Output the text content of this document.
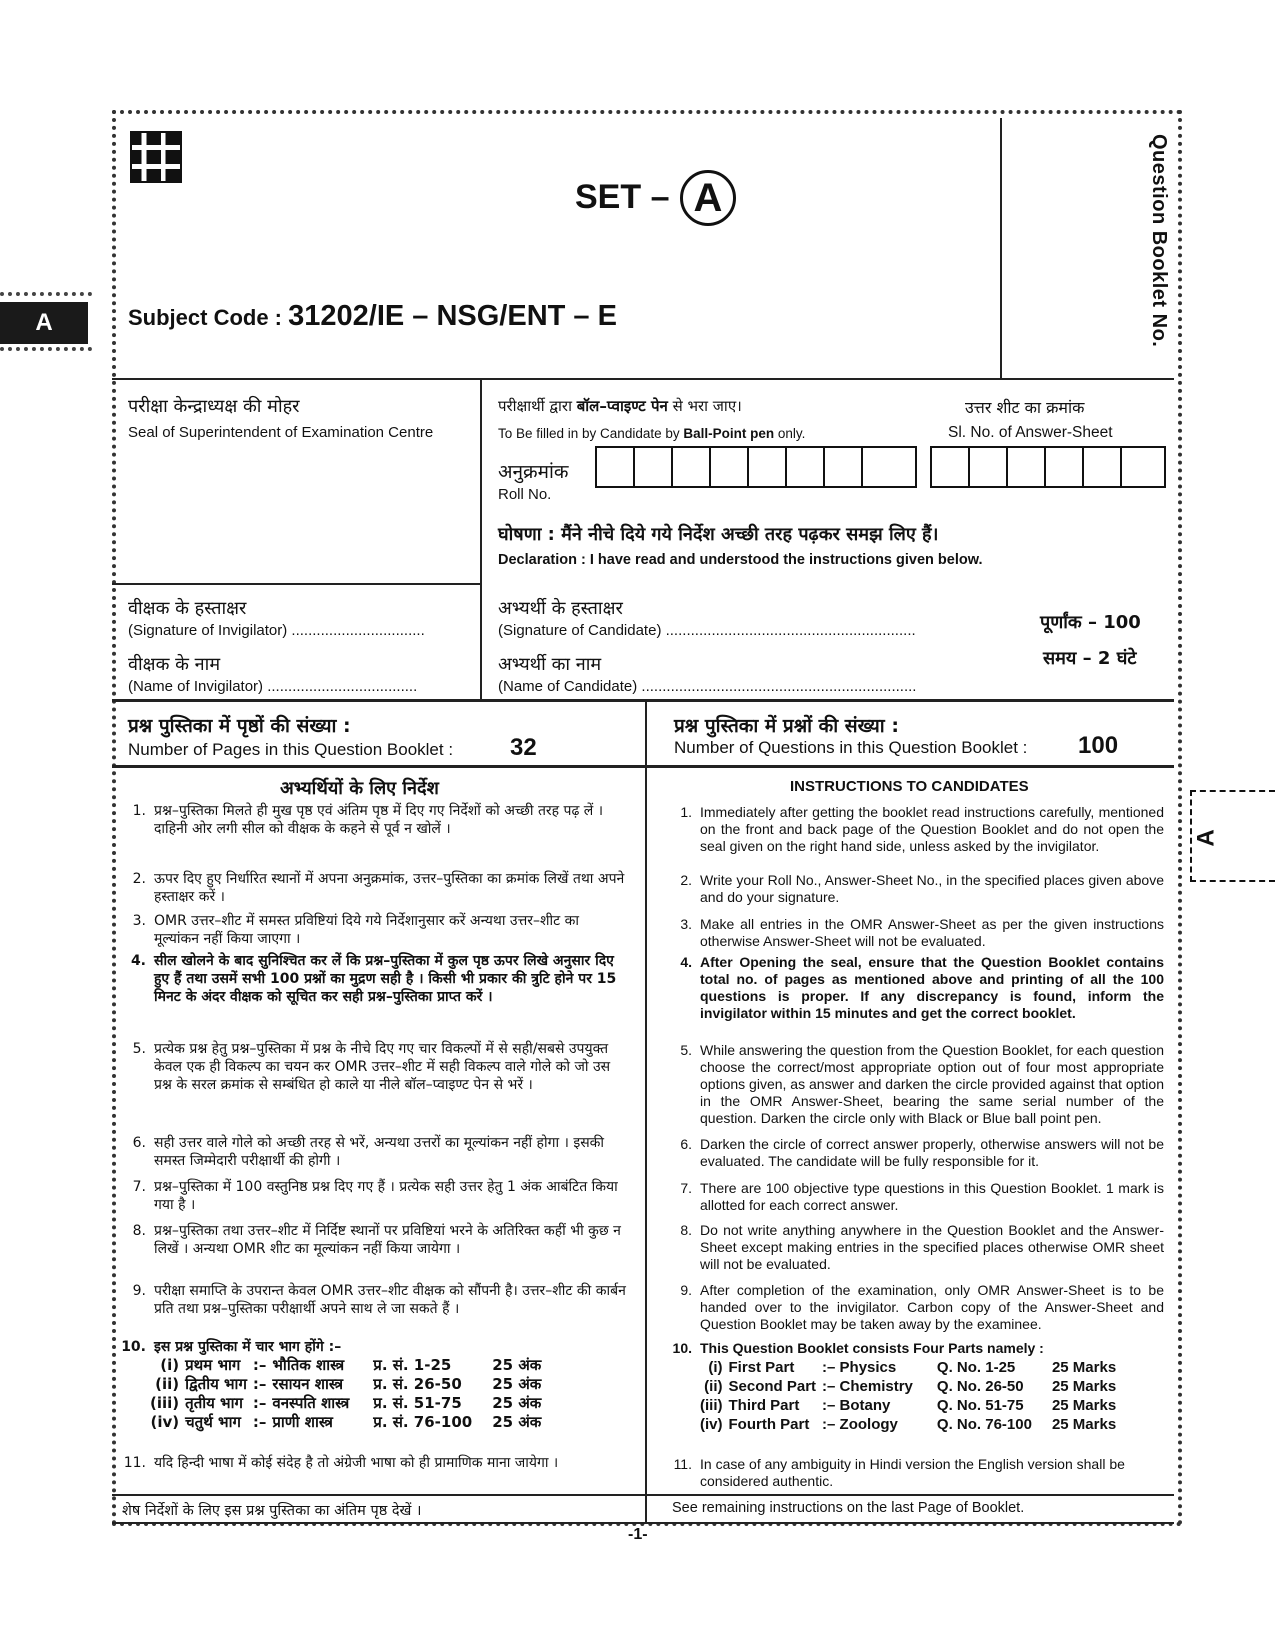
A
A
SET – A
Subject Code : 31202/IE – NSG/ENT – E	Question Booklet No.
परीक्षा केन्द्राध्यक्ष की मोहर
Seal of Superintendent of Examination Centre
परीक्षार्थी द्वारा बॉल–प्वाइण्ट पेन से भरा जाए।
To Be filled in by Candidate by Ball-Point pen only.
उत्तर शीट का क्रमांक
Sl. No. of Answer-Sheet
अनुक्रमांक
Roll No.
घोषणा : मैंने नीचे दिये गये निर्देश अच्छी तरह पढ़कर समझ लिए हैं।
Declaration : I have read and understood the instructions given below.
वीक्षक के हस्ताक्षर
(Signature of Invigilator) ................................
वीक्षक के नाम
(Name of Invigilator) ....................................
अभ्यर्थी के हस्ताक्षर
(Signature of Candidate) ............................................................
अभ्यर्थी का नाम
(Name of Candidate) ..................................................................
पूर्णांक – 100
समय – 2 घंटे
प्रश्न पुस्तिका में पृष्ठों की संख्या :
Number of Pages in this Question Booklet : 32
प्रश्न पुस्तिका में प्रश्नों की संख्या :
Number of Questions in this Question Booklet : 100
अभ्यर्थियों के लिए निर्देश	INSTRUCTIONS TO CANDIDATES
1. प्रश्न–पुस्तिका मिलते ही मुख पृष्ठ एवं अंतिम पृष्ठ में दिए गए निर्देशों को अच्छी तरह पढ़ लें । दाहिनी ओर लगी सील को वीक्षक के कहने से पूर्व न खोलें ।
2. ऊपर दिए हुए निर्धारित स्थानों में अपना अनुक्रमांक, उत्तर–पुस्तिका का क्रमांक लिखें तथा अपने हस्ताक्षर करें ।
3. OMR उत्तर–शीट में समस्त प्रविष्टियां दिये गये निर्देशानुसार करें अन्यथा उत्तर–शीट का मूल्यांकन नहीं किया जाएगा ।
4. सील खोलने के बाद सुनिश्चित कर लें कि प्रश्न–पुस्तिका में कुल पृष्ठ ऊपर लिखे अनुसार दिए हुए हैं तथा उसमें सभी 100 प्रश्नों का मुद्रण सही है । किसी भी प्रकार की त्रुटि होने पर 15 मिनट के अंदर वीक्षक को सूचित कर सही प्रश्न–पुस्तिका प्राप्त करें ।
5. प्रत्येक प्रश्न हेतु प्रश्न–पुस्तिका में प्रश्न के नीचे दिए गए चार विकल्पों में से सही/सबसे उपयुक्त केवल एक ही विकल्प का चयन कर OMR उत्तर–शीट में सही विकल्प वाले गोले को जो उस प्रश्न के सरल क्रमांक से सम्बंधित हो काले या नीले बॉल–प्वाइण्ट पेन से भरें ।
6. सही उत्तर वाले गोले को अच्छी तरह से भरें, अन्यथा उत्तरों का मूल्यांकन नहीं होगा । इसकी समस्त जिम्मेदारी परीक्षार्थी की होगी ।
7. प्रश्न–पुस्तिका में 100 वस्तुनिष्ठ प्रश्न दिए गए हैं । प्रत्येक सही उत्तर हेतु 1 अंक आबंटित किया गया है ।
8. प्रश्न–पुस्तिका तथा उत्तर–शीट में निर्दिष्ट स्थानों पर प्रविष्टियां भरने के अतिरिक्त कहीं भी कुछ न लिखें । अन्यथा OMR शीट का मूल्यांकन नहीं किया जायेगा ।
9. परीक्षा समाप्ति के उपरान्त केवल OMR उत्तर–शीट वीक्षक को सौंपनी है। उत्तर–शीट की कार्बन प्रति तथा प्रश्न–पुस्तिका परीक्षार्थी अपने साथ ले जा सकते हैं ।
10. इस प्रश्न पुस्तिका में चार भाग होंगे :–
(i)	प्रथम भाग	:–	भौतिक शास्त्र	प्र. सं. 1-25	25 अंक
(ii)	द्वितीय भाग	:–	रसायन शास्त्र	प्र. सं. 26-50	25 अंक
(iii)	तृतीय भाग	:–	वनस्पति शास्त्र	प्र. सं. 51-75	25 अंक
(iv)	चतुर्थ भाग	:–	प्राणी शास्त्र	प्र. सं. 76-100	25 अंक
11. यदि हिन्दी भाषा में कोई संदेह है तो अंग्रेजी भाषा को ही प्रामाणिक माना जायेगा ।
1. Immediately after getting the booklet read instructions carefully, mentioned on the front and back page of the Question Booklet and do not open the seal given on the right hand side, unless asked by the invigilator.
2. Write your Roll No., Answer-Sheet No., in the specified places given above and do your signature.
3. Make all entries in the OMR Answer-Sheet as per the given instructions otherwise Answer-Sheet will not be evaluated.
4. After Opening the seal, ensure that the Question Booklet contains total no. of pages as mentioned above and printing of all the 100 questions is proper. If any discrepancy is found, inform the invigilator within 15 minutes and get the correct booklet.
5. While answering the question from the Question Booklet, for each question choose the correct/most appropriate option out of four most appropriate options given, as answer and darken the circle provided against that option in the OMR Answer-Sheet, bearing the same serial number of the question. Darken the circle only with Black or Blue ball point pen.
6. Darken the circle of correct answer properly, otherwise answers will not be evaluated. The candidate will be fully responsible for it.
7. There are 100 objective type questions in this Question Booklet. 1 mark is allotted for each correct answer.
8. Do not write anything anywhere in the Question Booklet and the Answer-Sheet except making entries in the specified places otherwise OMR sheet will not be evaluated.
9. After completion of the examination, only OMR Answer-Sheet is to be handed over to the invigilator. Carbon copy of the Answer-Sheet and Question Booklet may be taken away by the examinee.
10. This Question Booklet consists Four Parts namely :
(i)	First Part	:– Physics	Q. No. 1-25	25 Marks
(ii)	Second Part	:– Chemistry	Q. No. 26-50	25 Marks
(iii)	Third Part	:– Botany	Q. No. 51-75	25 Marks
(iv)	Fourth Part	:– Zoology	Q. No. 76-100	25 Marks
11. In case of any ambiguity in Hindi version the English version shall be considered authentic.
शेष निर्देशों के लिए इस प्रश्न पुस्तिका का अंतिम पृष्ठ देखें ।	See remaining instructions on the last Page of Booklet.
-1-
